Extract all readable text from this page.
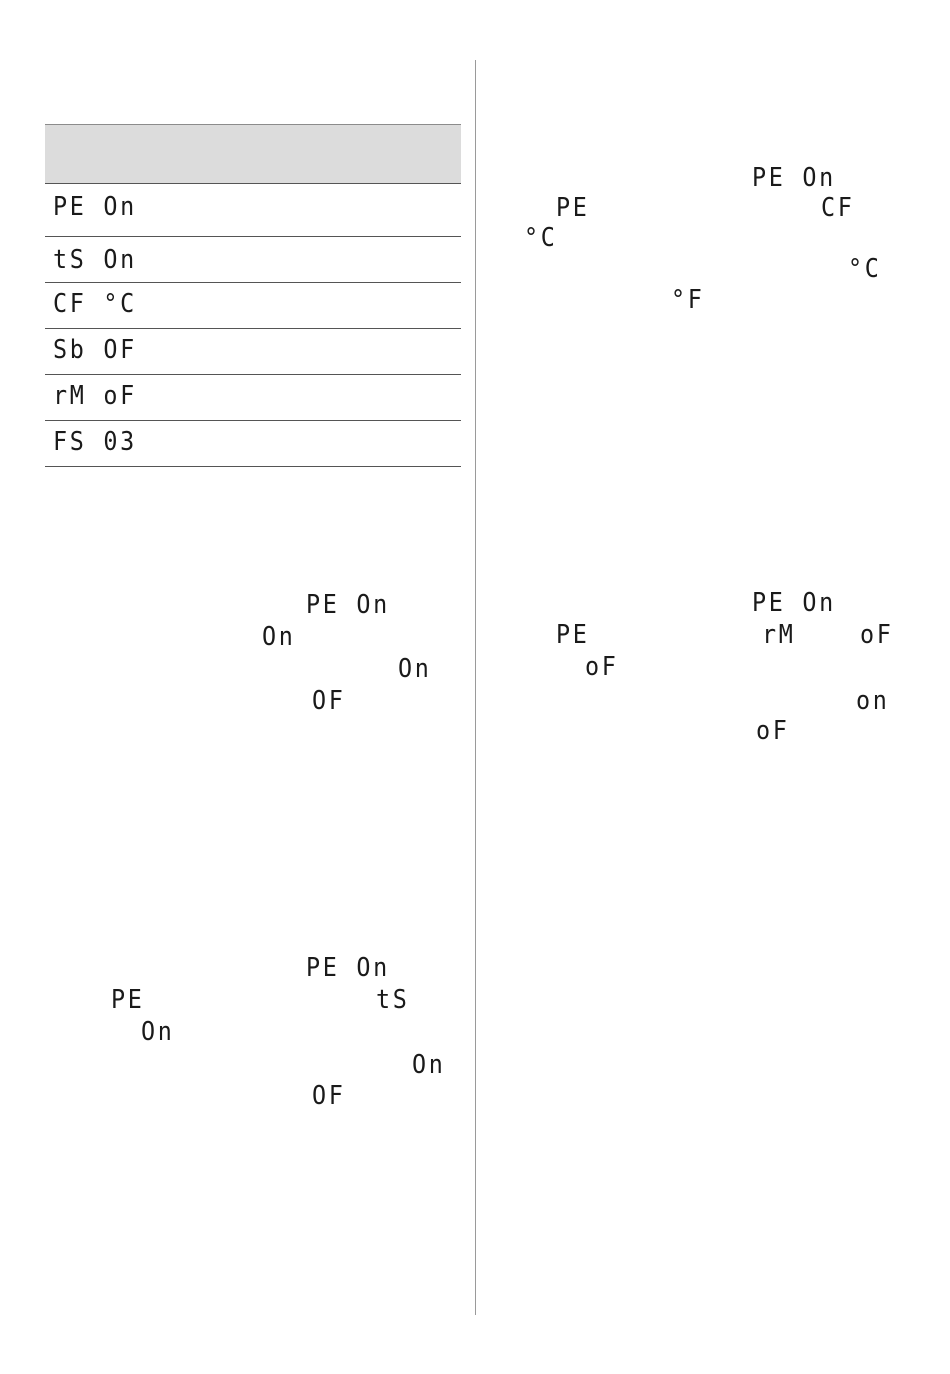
PE On
tS On
CF °C
Sb OF
rM oF
FS 03
PE On
On
On
OF
PE On
PE	tS
On
On
OF
PE On
PE	CF
°C
°C
°F
PE On
PE	rM oF
oF
on
oF
